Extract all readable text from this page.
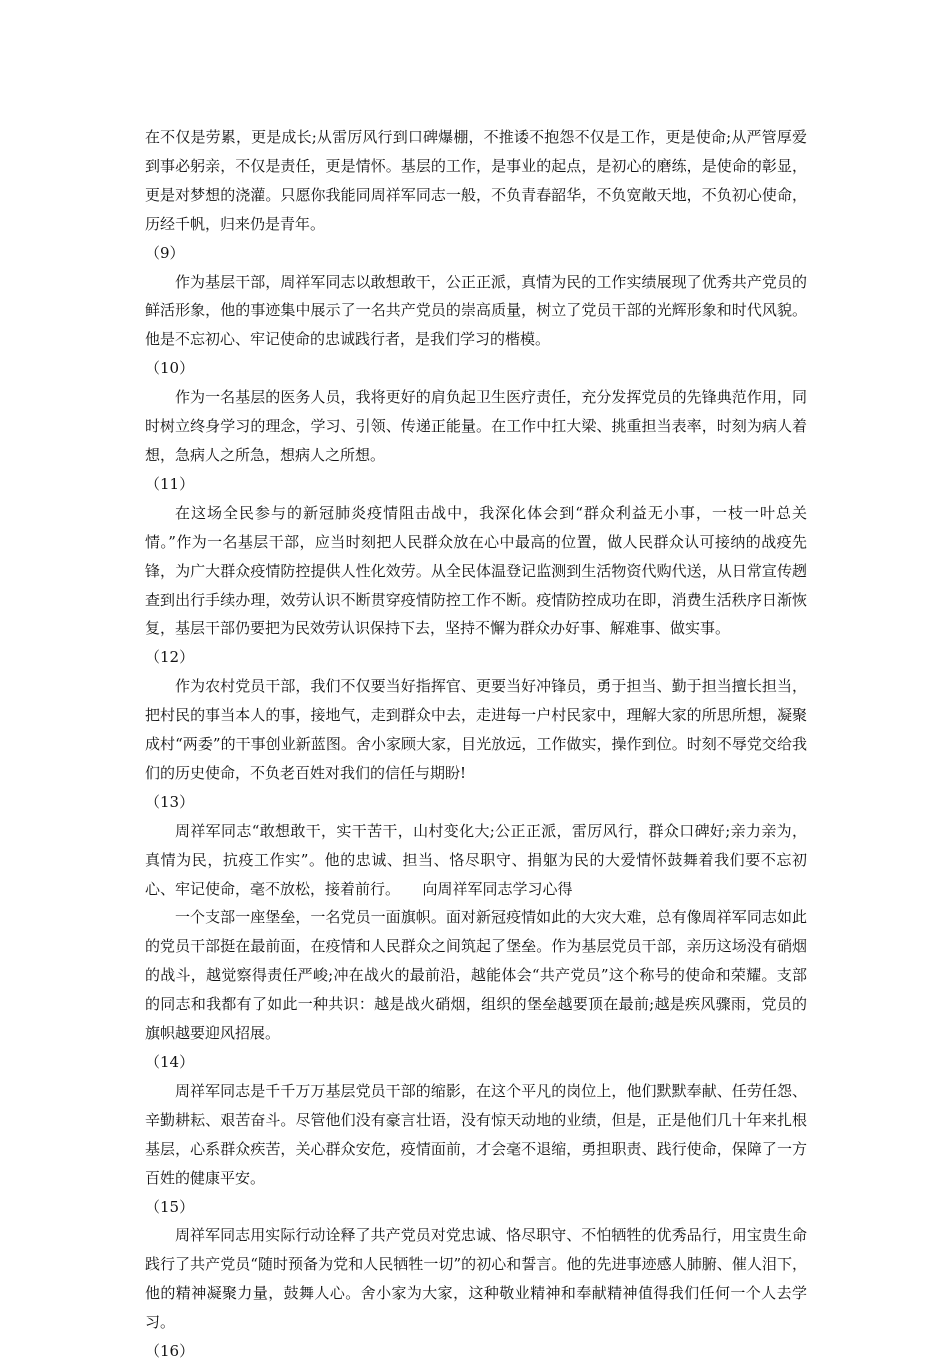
在不仅是劳累，更是成长;从雷厉风行到口碑爆棚，不推诿不抱怨不仅是工作，更是使命;从严管厚爱到事必躬亲，不仅是责任，更是情怀。基层的工作，是事业的起点，是初心的磨练，是使命的彰显，更是对梦想的浇灌。只愿你我能同周祥军同志一般，不负青春韶华，不负宽敞天地，不负初心使命，历经千帆，归来仍是青年。

（9）

作为基层干部，周祥军同志以敢想敢干，公正正派，真情为民的工作实绩展现了优秀共产党员的鲜活形象，他的事迹集中展示了一名共产党员的崇高质量，树立了党员干部的光辉形象和时代风貌。他是不忘初心、牢记使命的忠诚践行者，是我们学习的楷模。

（10）

作为一名基层的医务人员，我将更好的肩负起卫生医疗责任，充分发挥党员的先锋典范作用，同时树立终身学习的理念，学习、引领、传递正能量。在工作中扛大梁、挑重担当表率，时刻为病人着想，急病人之所急，想病人之所想。

（11）

在这场全民参与的新冠肺炎疫情阻击战中，我深化体会到“群众利益无小事，一枝一叶总关情。”作为一名基层干部，应当时刻把人民群众放在心中最高的位置，做人民群众认可接纳的战疫先锋，为广大群众疫情防控提供人性化效劳。从全民体温登记监测到生活物资代购代送，从日常宣传趔查到出行手续办理，效劳认识不断贯穿疫情防控工作不断。疫情防控成功在即，消费生活秩序日渐恢复，基层干部仍要把为民效劳认识保持下去，坚持不懈为群众办好事、解难事、做实事。

（12）

作为农村党员干部，我们不仅要当好指挥官、更要当好冲锋员，勇于担当、勤于担当擅长担当，把村民的事当本人的事，接地气，走到群众中去，走进每一户村民家中，理解大家的所思所想，凝聚成村“两委”的干事创业新蓝图。舍小家顾大家，目光放远，工作做实，操作到位。时刻不辱党交给我们的历史使命，不负老百姓对我们的信任与期盼!

（13）

周祥军同志“敢想敢干，实干苦干，山村变化大;公正正派，雷厉风行，群众口碑好;亲力亲为，真情为民，抗疫工作实”。他的忠诚、担当、恪尽职守、捐躯为民的大爱情怀鼓舞着我们要不忘初心、牢记使命，毫不放松，接着前行。　　向周祥军同志学习心得

一个支部一座堡垒，一名党员一面旗帜。面对新冠疫情如此的大灾大难，总有像周祥军同志如此的党员干部挺在最前面，在疫情和人民群众之间筑起了堡垒。作为基层党员干部，亲历这场没有硝烟的战斗，越觉察得责任严峻;冲在战火的最前沿，越能体会“共产党员”这个称号的使命和荣耀。支部的同志和我都有了如此一种共识：越是战火硝烟，组织的堡垒越要顶在最前;越是疾风骤雨，党员的旗帜越要迎风招展。

（14）

周祥军同志是千千万万基层党员干部的缩影，在这个平凡的岗位上，他们默默奉献、任劳任怨、辛勤耕耘、艰苦奋斗。尽管他们没有豪言壮语，没有惊天动地的业绩，但是，正是他们几十年来扎根基层，心系群众疾苦，关心群众安危，疫情面前，才会毫不退缩，勇担职责、践行使命，保障了一方百姓的健康平安。

（15）

周祥军同志用实际行动诠释了共产党员对党忠诚、恪尽职守、不怕牺牲的优秀品行，用宝贵生命践行了共产党员“随时预备为党和人民牺牲一切”的初心和誓言。他的先进事迹感人肺腑、催人泪下，他的精神凝聚力量，鼓舞人心。舍小家为大家，这种敬业精神和奉献精神值得我们任何一个人去学习。

（16）
